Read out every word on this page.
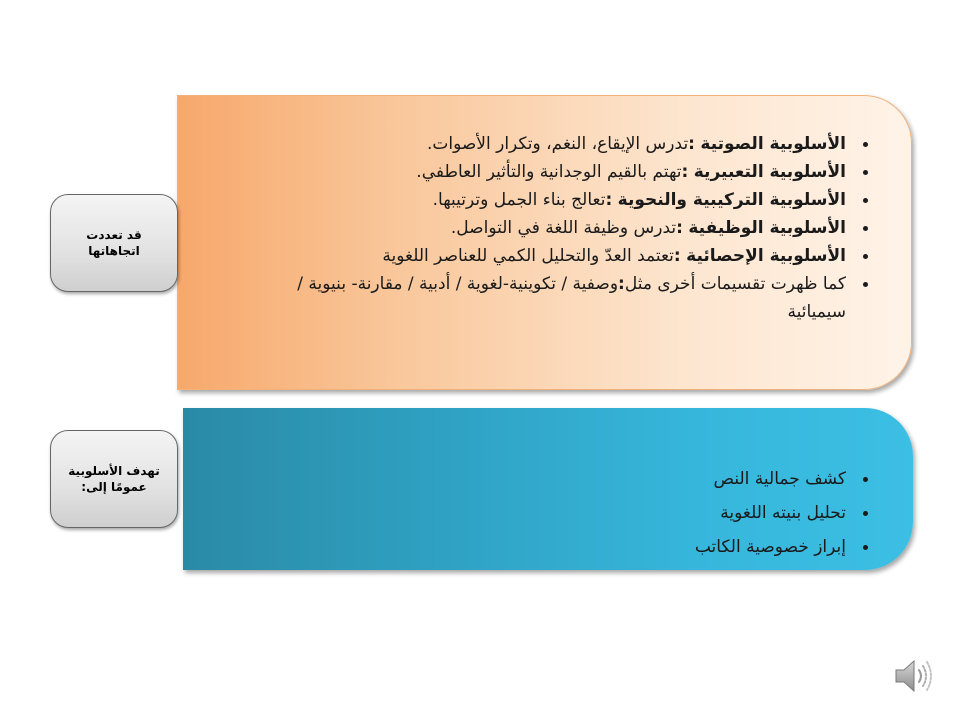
قد تعددت اتجاهاتها
تهدف الأسلوبية عمومًا إلى:
الأسلوبية الصوتية :تدرس الإيقاع، النغم، وتكرار الأصوات.
الأسلوبية التعبيرية :تهتم بالقيم الوجدانية والتأثير العاطفي.
الأسلوبية التركيبية والنحوية :تعالج بناء الجمل وترتيبها.
الأسلوبية الوظيفية :تدرس وظيفة اللغة في التواصل.
الأسلوبية الإحصائية :تعتمد العدّ والتحليل الكمي للعناصر اللغوية
كما ظهرت تقسيمات أخرى مثل:وصفية / تكوينية-لغوية / أدبية / مقارنة- بنيوية / سيميائية
كشف جمالية النص
تحليل بنيته اللغوية
إبراز خصوصية الكاتب
